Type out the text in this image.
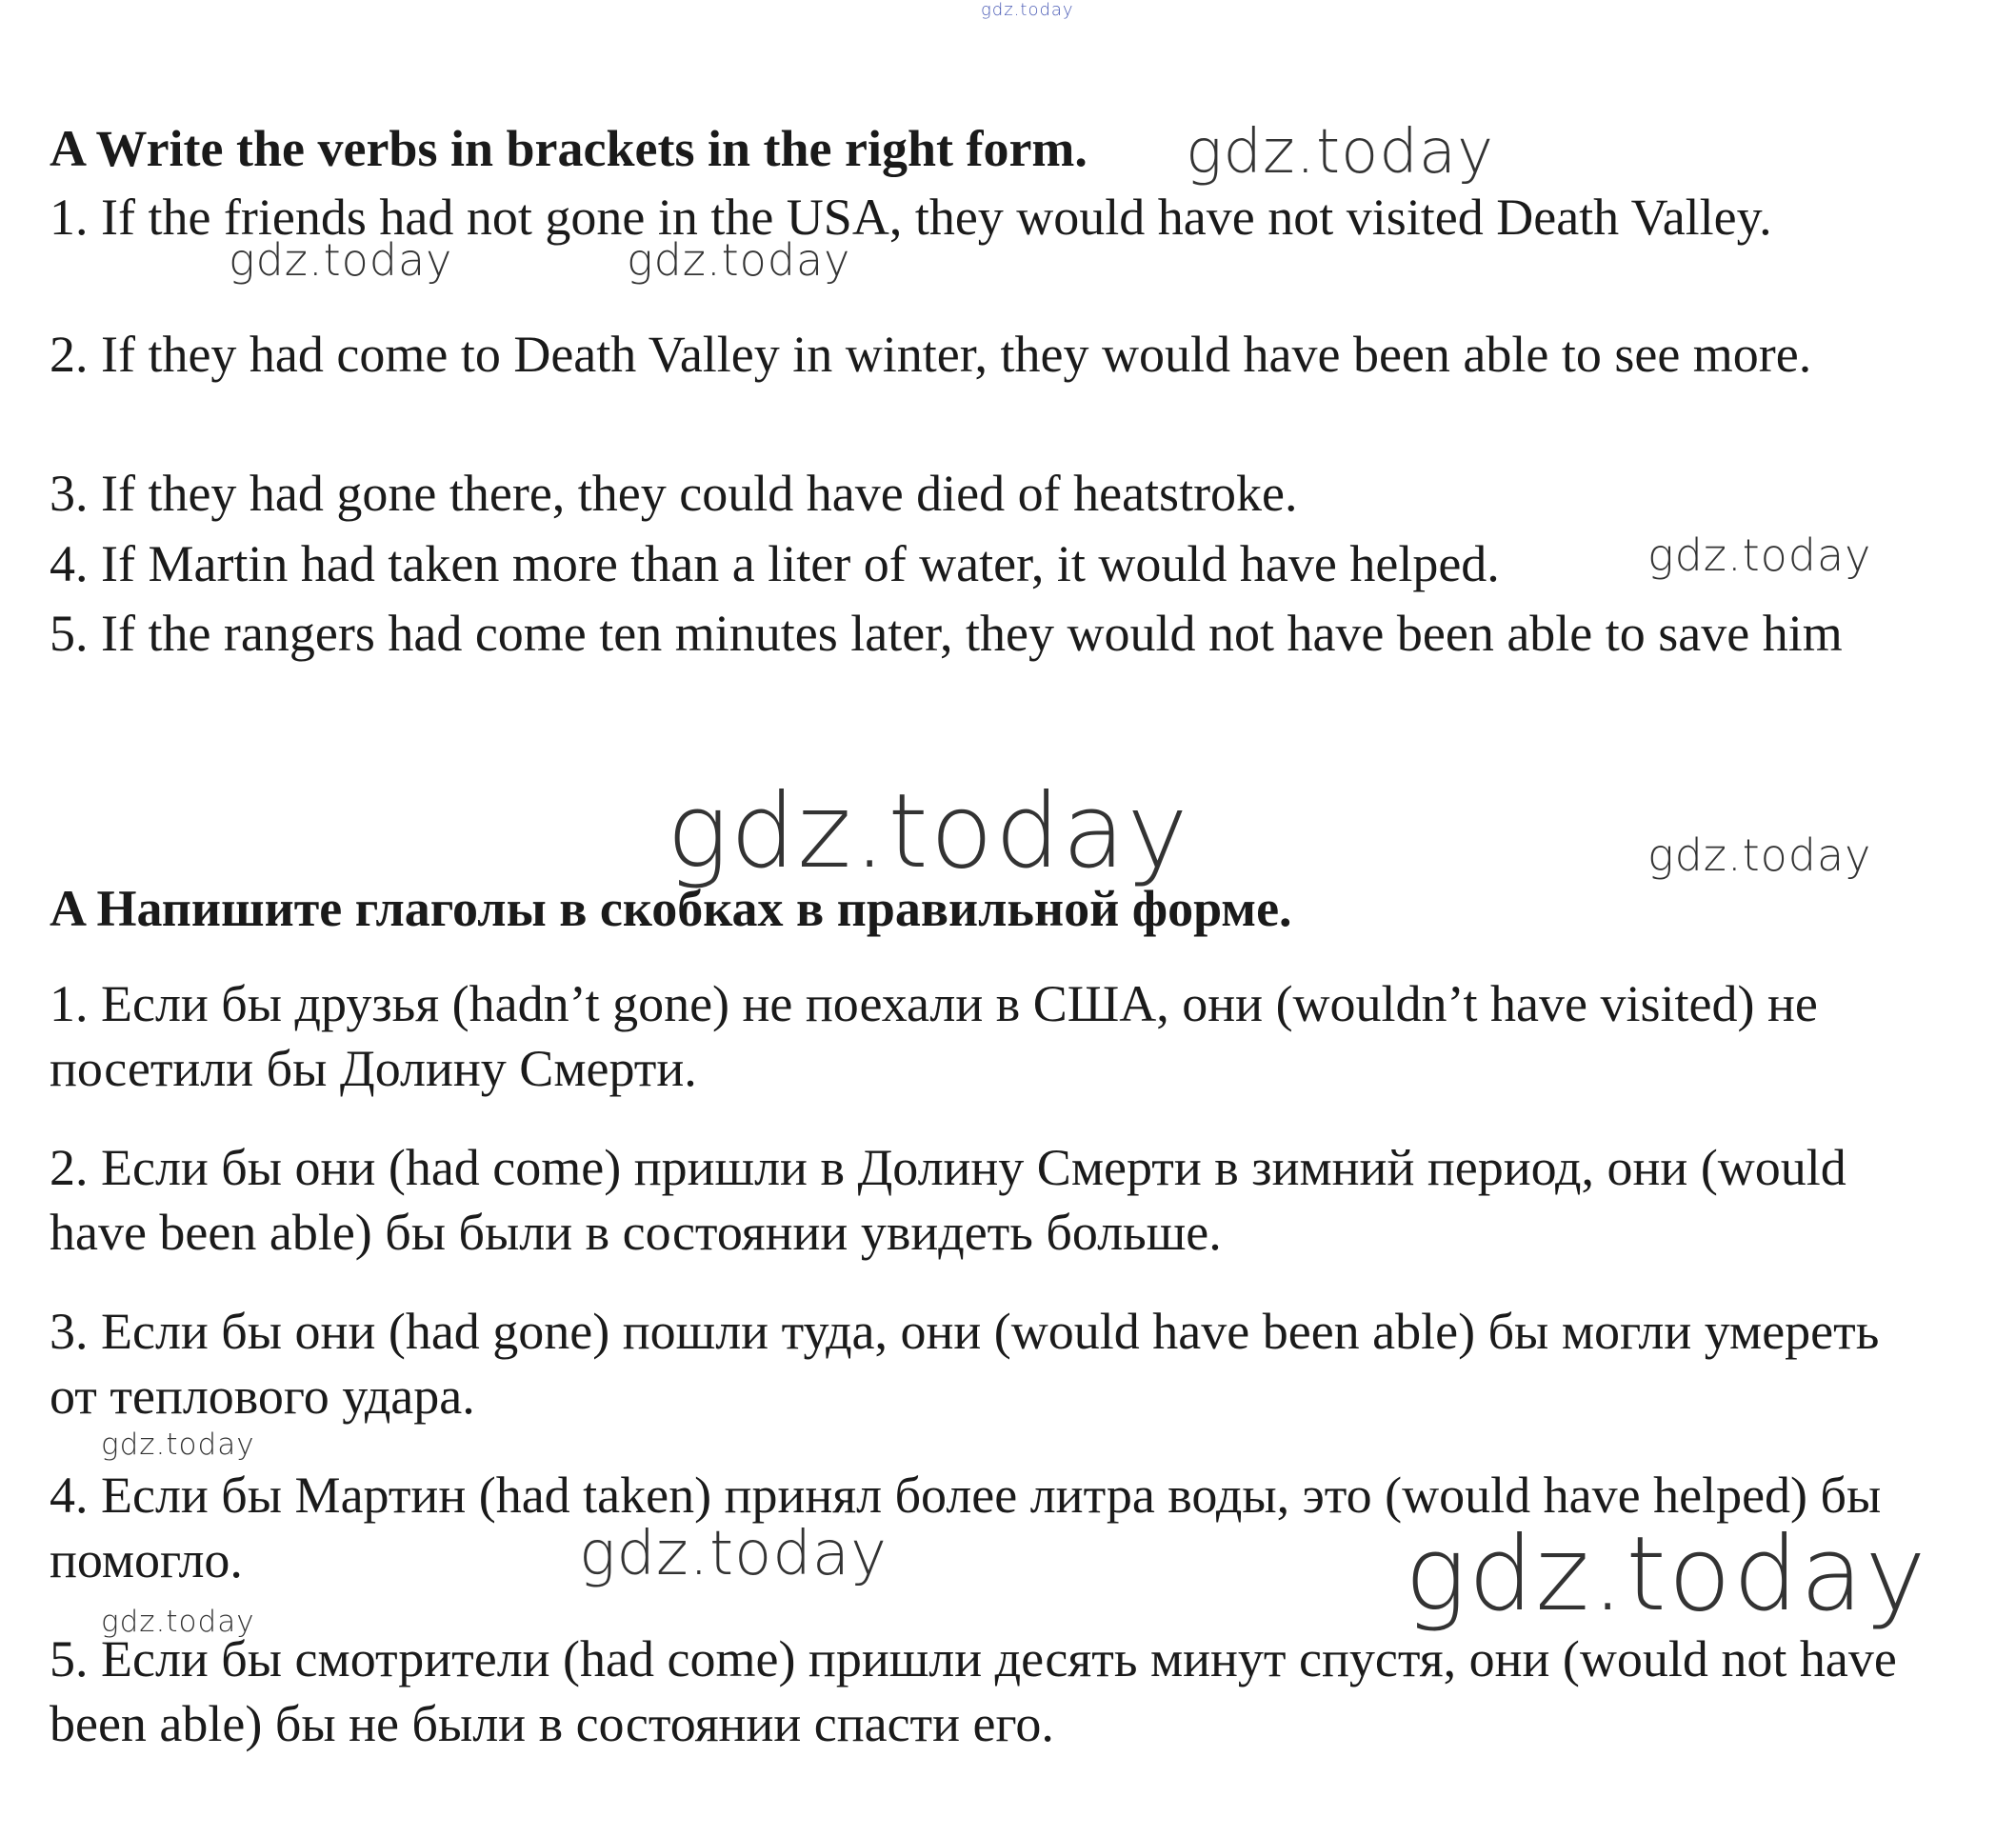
gdz.today
gdz.today
gdz.today	gdz.today
gdz.today
gdz.today	gdz.today
gdz.today
gdz.today	gdz.today
gdz.today
A Write the verbs in brackets in the right form.

1. If the friends had not gone in the USA, they would have not visited Death Valley.

2. If they had come to Death Valley in winter, they would have been able to see more.

3. If they had gone there, they could have died of heatstroke.

4. If Martin had taken more than a liter of water, it would have helped.

5. If the rangers had come ten minutes later, they would not have been able to save him

A Напишите глаголы в скобках в правильной форме.

1. Если бы друзья (hadn’t gone) не поехали в США, они (wouldn’t have visited) не посетили бы Долину Смерти.

2. Если бы они (had come) пришли в Долину Смерти в зимний период, они (would have been able) бы были в состоянии увидеть больше.

3. Если бы они (had gone) пошли туда, они (would have been able) бы могли умереть от теплового удара.

4. Если бы Мартин (had taken) принял более литра воды, это (would have helped) бы помогло.

5. Если бы смотрители (had come) пришли десять минут спустя, они (would not have been able) бы не были в состоянии спасти его.
